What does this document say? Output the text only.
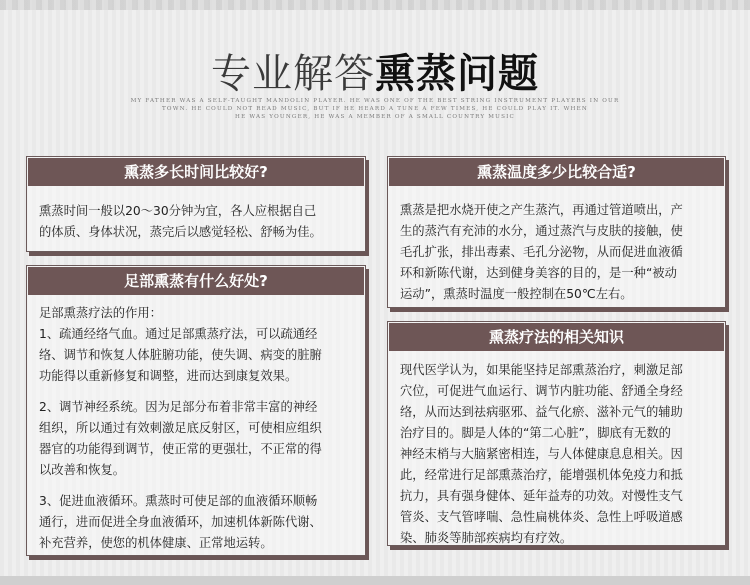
专业解答熏蒸问题
MY FATHER WAS A SELF-TAUGHT MANDOLIN PLAYER. HE WAS ONE OF THE BEST STRING INSTRUMENT PLAYERS IN OUR
TOWN. HE COULD NOT READ MUSIC, BUT IF HE HEARD A TUNE A FEW TIMES, HE COULD PLAY IT. WHEN
HE WAS YOUNGER, HE WAS A MEMBER OF A SMALL COUNTRY MUSIC
熏蒸多长时间比较好?

熏蒸时间一般以20～30分钟为宜，各人应根据自己

的体质、身体状况，蒸完后以感觉轻松、舒畅为佳。

熏蒸温度多少比较合适?

熏蒸是把水烧开使之产生蒸汽，再通过管道喷出，产

生的蒸汽有充沛的水分，通过蒸汽与皮肤的接触，使

毛孔扩张，排出毒素、毛孔分泌物，从而促进血液循

环和新陈代谢，达到健身美容的目的，是一种“被动

运动”，熏蒸时温度一般控制在50℃左右。

足部熏蒸有什么好处?

足部熏蒸疗法的作用：

1、疏通经络气血。通过足部熏蒸疗法，可以疏通经

络、调节和恢复人体脏腑功能，使失调、病变的脏腑

功能得以重新修复和调整，进而达到康复效果。

2、调节神经系统。因为足部分布着非常丰富的神经

组织，所以通过有效刺激足底反射区，可使相应组织

器官的功能得到调节，使正常的更强壮，不正常的得

以改善和恢复。

3、促进血液循环。熏蒸时可使足部的血液循环顺畅

通行，进而促进全身血液循环，加速机体新陈代谢、

补充营养，使您的机体健康、正常地运转。

熏蒸疗法的相关知识

现代医学认为，如果能坚持足部熏蒸治疗，刺激足部

穴位，可促进气血运行、调节内脏功能、舒通全身经

络，从而达到祛病驱邪、益气化瘀、滋补元气的辅助

治疗目的。脚是人体的“第二心脏”，脚底有无数的

神经末梢与大脑紧密相连，与人体健康息息相关。因

此，经常进行足部熏蒸治疗，能增强机体免疫力和抵

抗力，具有强身健体、延年益寿的功效。对慢性支气

管炎、支气管哮喘、急性扁桃体炎、急性上呼吸道感

染、肺炎等肺部疾病均有疗效。
